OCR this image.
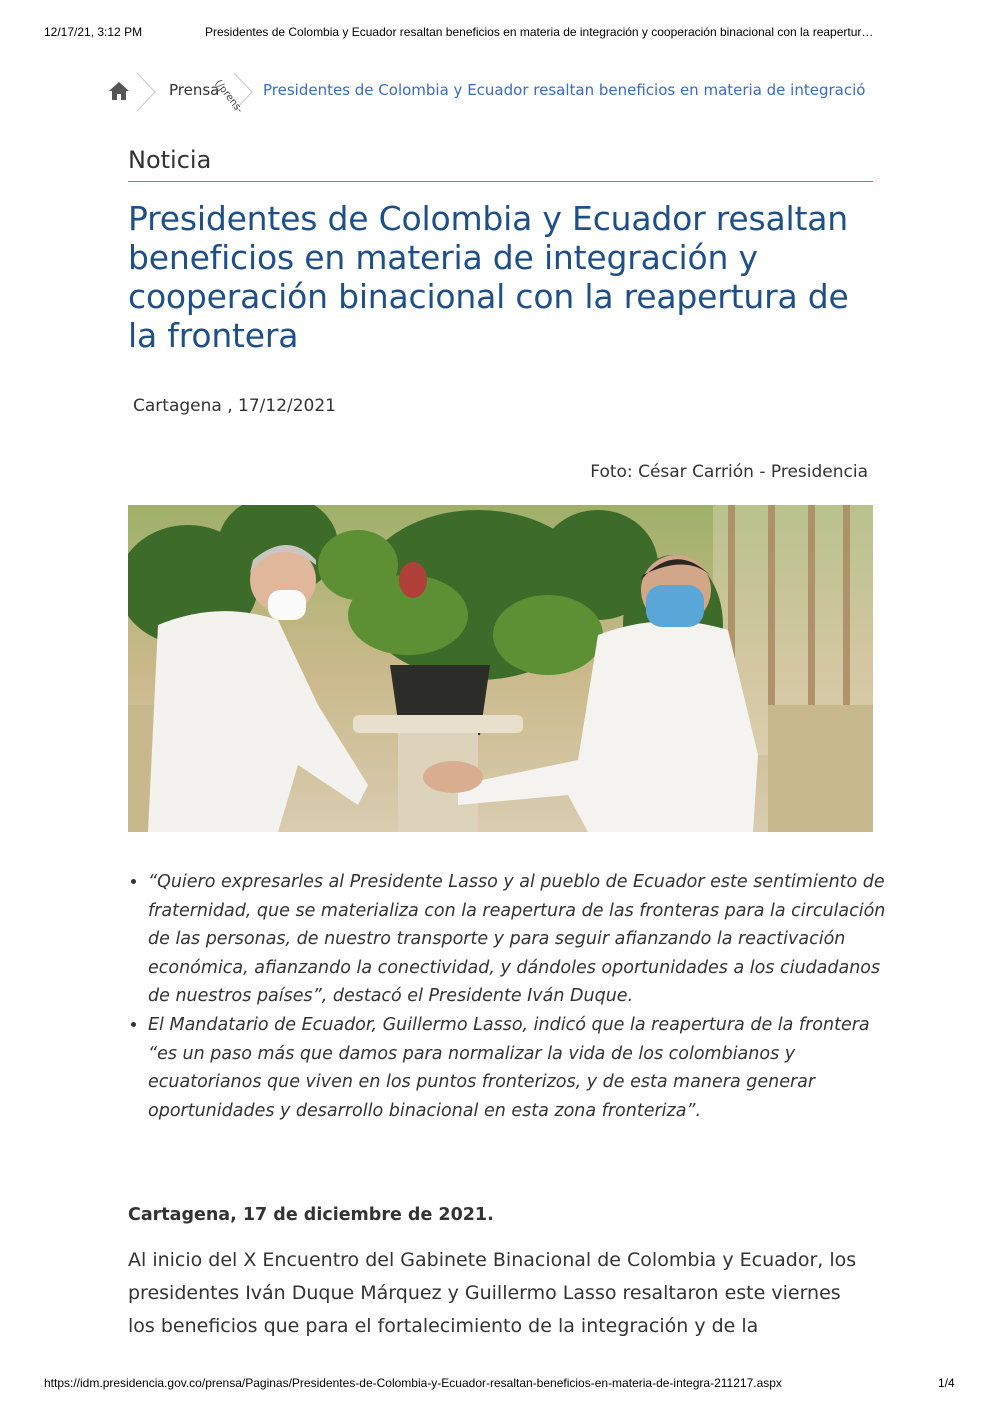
12/17/21, 3:12 PM	Presidentes de Colombia y Ecuador resaltan beneficios en materia de integración y cooperación binacional con la reapertur…
Prensa
(/prens- Presidentes de Colombia y Ecuador resaltan beneficios en materia de integració
Noticia
Presidentes de Colombia y Ecuador resaltan beneficios en materia de integración y cooperación binacional con la reapertura de la frontera
Cartagena , 17/12/2021
Foto: César Carrión - Presidencia
• “Quiero expresarles al Presidente Lasso y al pueblo de Ecuador este sentimiento de fraternidad, que se materializa con la reapertura de las fronteras para la circulación de las personas, de nuestro transporte y para seguir afianzando la reactivación económica, afianzando la conectividad, y dándoles oportunidades a los ciudadanos de nuestros países”, destacó el Presidente Iván Duque.
• El Mandatario de Ecuador, Guillermo Lasso, indicó que la reapertura de la frontera “es un paso más que damos para normalizar la vida de los colombianos y ecuatorianos que viven en los puntos fronterizos, y de esta manera generar oportunidades y desarrollo binacional en esta zona fronteriza”.
Cartagena, 17 de diciembre de 2021.

Al inicio del X Encuentro del Gabinete Binacional de Colombia y Ecuador, los presidentes Iván Duque Márquez y Guillermo Lasso resaltaron este viernes los beneficios que para el fortalecimiento de la integración y de la

https://idm.presidencia.gov.co/prensa/Paginas/Presidentes-de-Colombia-y-Ecuador-resaltan-beneficios-en-materia-de-integra-211217.aspx	1/4
